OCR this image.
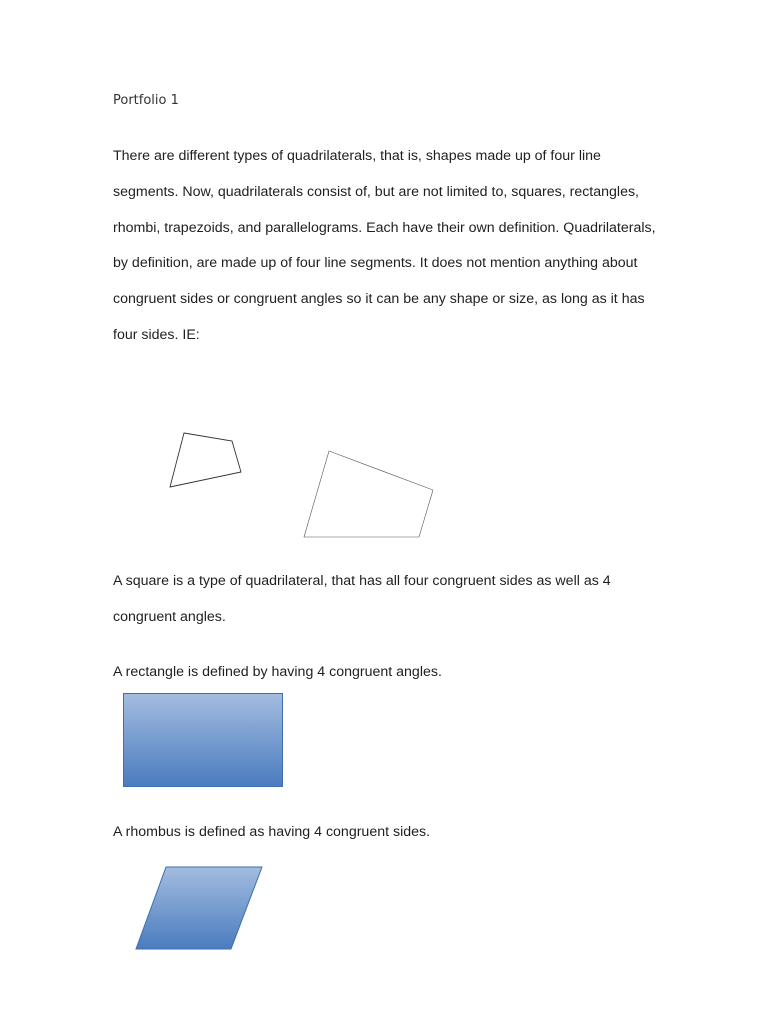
Portfolio 1

There are different types of quadrilaterals, that is, shapes made up of four line segments. Now, quadrilaterals consist of, but are not limited to, squares, rectangles, rhombi, trapezoids, and parallelograms. Each have their own definition. Quadrilaterals, by definition, are made up of four line segments. It does not mention anything about congruent sides or congruent angles so it can be any shape or size, as long as it has four sides. IE:

A square is a type of quadrilateral, that has all four congruent sides as well as 4 congruent angles.

A rectangle is defined by having 4 congruent angles.

A rhombus is defined as having 4 congruent sides.
